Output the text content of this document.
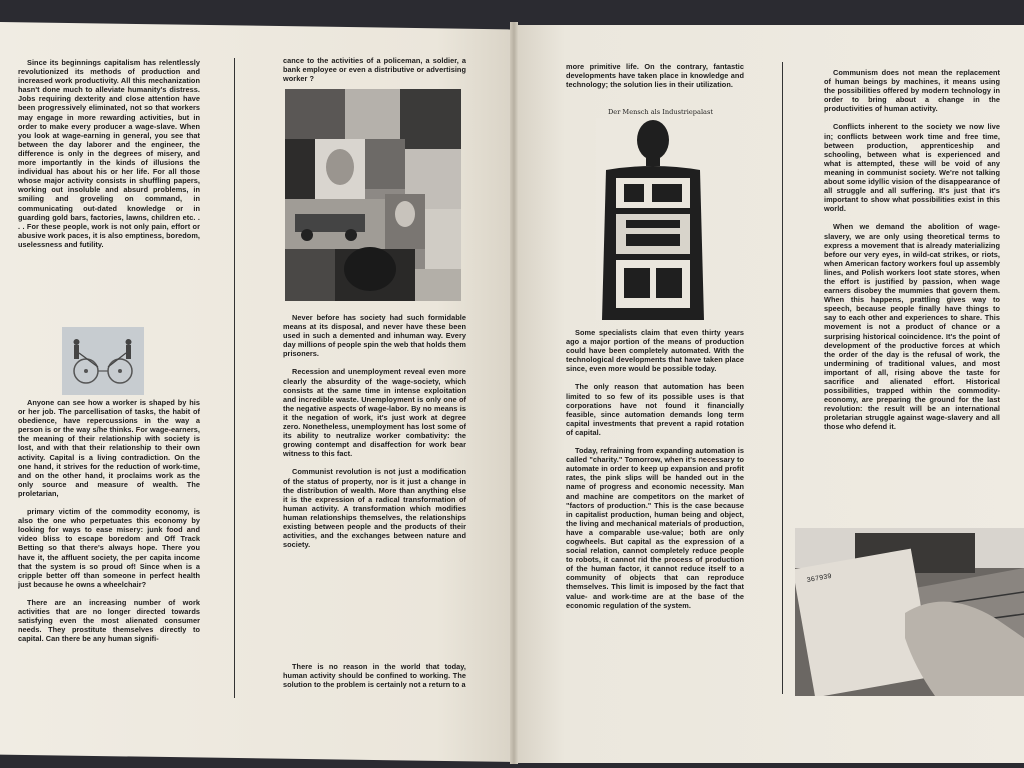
Since its beginnings capitalism has relentlessly revolutionized its methods of production and increased work productivity. All this mechanization hasn't done much to alleviate humanity's distress. Jobs requiring dexterity and close attention have been progressively eliminated, not so that workers may engage in more rewarding activities, but in order to make every producer a wage-slave. When you look at wage-earning in general, you see that between the day laborer and the engineer, the difference is only in the degrees of misery, and more importantly in the kinds of illusions the individual has about his or her life. For all those whose major activity consists in shuffling papers, working out insoluble and absurd problems, in smiling and groveling on command, in communicating out-dated knowledge or in guarding gold bars, factories, lawns, children etc. . . . For these people, work is not only pain, effort or abusive work paces, it is also emptiness, boredom, uselessness and futility.

Anyone can see how a worker is shaped by his or her job. The parcellisation of tasks, the habit of obedience, have repercussions in the way a person is or the way s/he thinks. For wage-earners, the meaning of their relationship with society is lost, and with that their relationship to their own activity. Capital is a living contradiction. On the one hand, it strives for the reduction of work-time, and on the other hand, it proclaims work as the only source and measure of wealth. The proletarian,

primary victim of the commodity economy, is also the one who perpetuates this economy by looking for ways to ease misery: junk food and video bliss to escape boredom and Off Track Betting so that there's always hope. There you have it, the affluent society, the per capita income that the system is so proud of! Since when is a cripple better off than someone in perfect health just because he owns a wheelchair?

There are an increasing number of work activities that are no longer directed towards satisfying even the most alienated consumer needs. They prostitute themselves directly to capital. Can there be any human signifi-

cance to the activities of a policeman, a soldier, a bank employee or even a distributive or advertising worker ?

Never before has society had such formidable means at its disposal, and never have these been used in such a demented and inhuman way. Every day millions of people spin the web that holds them prisoners.

Recession and unemployment reveal even more clearly the absurdity of the wage-society, which consists at the same time in intense exploitation and incredible waste. Unemployment is only one of the negative aspects of wage-labor. By no means is it the negation of work, it's just work at degree zero. Nonetheless, unemployment has lost some of its ability to neutralize worker combativity: the growing contempt and disaffection for work bear witness to this fact.

Communist revolution is not just a modification of the status of property, nor is it just a change in the distribution of wealth. More than anything else it is the expression of a radical transformation of human activity. A transformation which modifies human relationships themselves, the relationships existing between people and the products of their activities, and the exchanges between nature and society.

There is no reason in the world that today, human activity should be confined to working. The solution to the problem is certainly not a return to a

more primitive life. On the contrary, fantastic developments have taken place in knowledge and technology; the solution lies in their utilization.

Der Mensch als Industriepalast

Some specialists claim that even thirty years ago a major portion of the means of production could have been completely automated. With the technological developments that have taken place since, even more would be possible today.

The only reason that automation has been limited to so few of its possible uses is that corporations have not found it financially feasible, since automation demands long term capital investments that prevent a rapid rotation of capital.

Today, refraining from expanding automation is called "charity." Tomorrow, when it's necessary to automate in order to keep up expansion and profit rates, the pink slips will be handed out in the name of progress and economic necessity. Man and machine are competitors on the market of "factors of production." This is the case because in capitalist production, human being and object, the living and mechanical materials of production, have a comparable use-value; both are only cogwheels. But capital as the expression of a social relation, cannot completely reduce people to robots, it cannot rid the process of production of the human factor, it cannot reduce itself to a community of objects that can reproduce themselves. This limit is imposed by the fact that value- and work-time are at the base of the economic regulation of the system.

Communism does not mean the replacement of human beings by machines, it means using the possibilities offered by modern technology in order to bring about a change in the productivities of human activity.

Conflicts inherent to the society we now live in; conflicts between work time and free time, between production, apprenticeship and schooling, between what is experienced and what is attempted, these will be void of any meaning in communist society. We're not talking about some idyllic vision of the disappearance of all struggle and all suffering. It's just that it's important to show what possibilities exist in this world.

When we demand the abolition of wage-slavery, we are only using theoretical terms to express a movement that is already materializing before our very eyes, in wild-cat strikes, or riots, when American factory workers foul up assembly lines, and Polish workers loot state stores, when the effort is justified by passion, when wage earners disobey the mummies that govern them. When this happens, prattling gives way to speech, because people finally have things to say to each other and experiences to share. This movement is not a product of chance or a surprising historical coincidence. It's the point of development of the productive forces at which the order of the day is the refusal of work, the undermining of traditional values, and most important of all, rising above the taste for sacrifice and alienated effort. Historical possibilities, trapped within the commodity-economy, are preparing the ground for the last revolution: the result will be an international proletarian struggle against wage-slavery and all those who defend it.

367939
